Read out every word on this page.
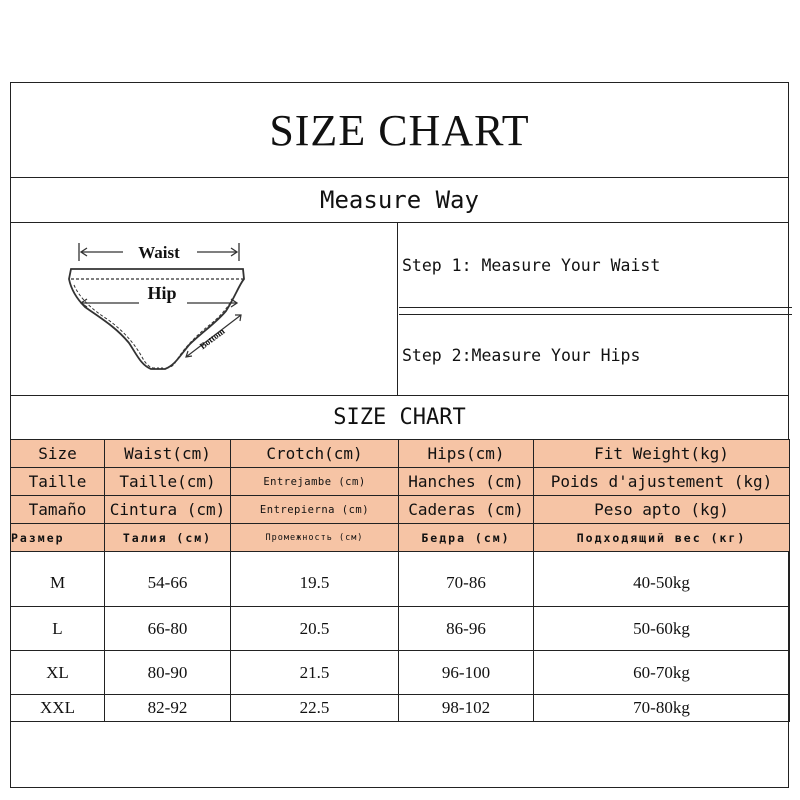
SIZE CHART
Measure Way
Waist
Hip
Bottom
Step 1: Measure Your Waist
Step 2:Measure Your Hips
SIZE CHART
Size	Waist(cm)	Crotch(cm)	Hips(cm)	Fit Weight(kg)
Taille	Taille(cm)	Entrejambe (cm)	Hanches (cm)	Poids d'ajustement (kg)
Tamaño	Cintura (cm)	Entrepierna (cm)	Caderas (cm)	Peso apto (kg)
Размер	Талия (см)	Промежность (см)	Бедра (см)	Подходящий вес (кг)
M	54-66	19.5	70-86	40-50kg
L	66-80	20.5	86-96	50-60kg
XL	80-90	21.5	96-100	60-70kg
XXL	82-92	22.5	98-102	70-80kg
